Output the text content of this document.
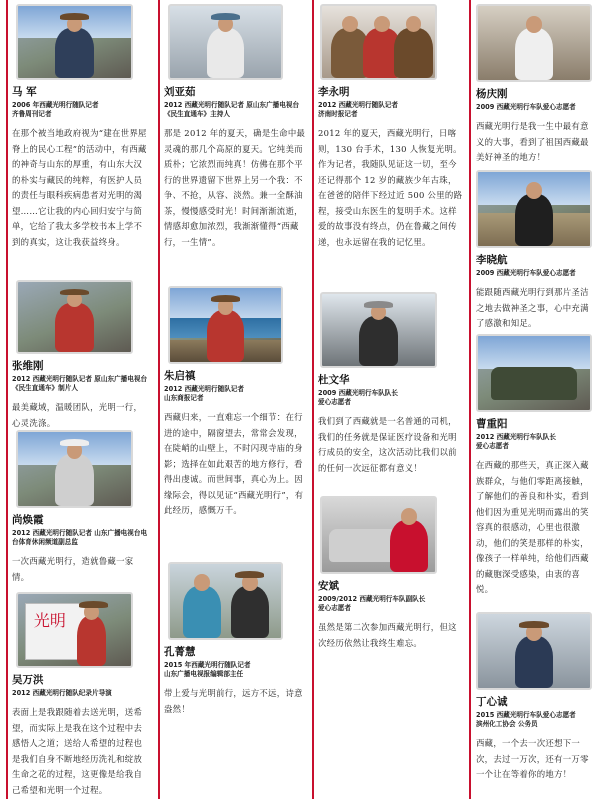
马 军
2006 年西藏光明行随队记者
齐鲁周刊记者
在那个被当地政府视为“建在世界屋脊上的民心工程”的活动中，有西藏的神奇与山东的厚重，有山东大汉的朴实与藏民的纯粹，有医护人员的责任与眼科疾病患者对光明的渴望……它让我的内心回归安宁与简单，它给了我太多学校书本上学不到的真实，这让我获益终身。
张维刚
2012 西藏光明行随队记者 原山东广播电视台《民生直通车》制片人
最美藏域，温暖团队，光明一行，心灵洗涤。
尚焕霞
2012 西藏光明行随队记者 山东广播电视台电台体育休闲频道副总监
一次西藏光明行，造就鲁藏一家情。
光明
吴万洪
2012 西藏光明行随队纪录片导演
表面上是我跟随着去送光明，送希望，而实际上是我在这个过程中去感悟人之道；送给人希望的过程也是我们自身不断地经历洗礼和绽放生命之花的过程，这更像是给我自己希望和光明一个过程。
刘亚茹
2012 西藏光明行随队记者 原山东广播电视台《民生直通车》主持人
那是 2012 年的夏天，确是生命中最灵魂的那几个高原的夏天。它纯美而质朴；它浓烈而纯真！仿佛在那个平行的世界遗留下世界上另一个我：不争、不抢，从容、淡然。兼一全酥油茶，慢慢感受时光！时间渐渐流逝，情感却愈加浓烈，我渐渐懂得“西藏行，一生情”。
朱启禛
2012 西藏光明行随队记者
山东商报记者
西藏归来，一直难忘一个细节：在行进的途中，隔窗望去，常常会发现，在陡峭的山壁上，不时闪现寺庙的身影；选择在如此艰苦的地方修行，看得出虔诚。而世间事，真心为上。因缘际会，得以见证“西藏光明行”，有此经历，感慨万千。
孔菁慧
2015 年西藏光明行随队记者
山东广播电视报编辑部主任
带上爱与光明前行，远方不远，诗意盎然！
李永明
2012 西藏光明行随队记者
济南时报记者
2012 年的夏天，西藏光明行，日喀则，130 台手术，130 人恢复光明。作为记者，我随队见证这一切，至今还记得那个 12 岁的藏族少年古珠，在爸爸的陪伴下经过近 500 公里的路程，接受山东医生的复明手术。这样爱的故事没有终点，仍在鲁藏之间传递，也永远留在我的记忆里。
杜文华
2009 西藏光明行车队队长
爱心志愿者
我们到了西藏就是一名普通的司机，我们的任务就是保证医疗设备和光明行成员的安全，这次活动比我们以前的任何一次远征都有意义！
安斌
2009/2012 西藏光明行车队副队长
爱心志愿者
虽然是第二次参加西藏光明行，但这次经历依然让我终生难忘。
杨庆刚
2009 西藏光明行车队爱心志愿者
西藏光明行是我一生中最有意义的大事，看到了祖国西藏最美好神圣的地方！
李晓航
2009 西藏光明行车队爱心志愿者
能跟随西藏光明行到那片圣洁之地去做神圣之事，心中充满了感激和知足。
曹重阳
2012 西藏光明行车队队长
爱心志愿者
在西藏的那些天，真正深入藏族群众，与他们零距离接触，了解他们的善良和朴实，看到他们因为重见光明而露出的笑容真的很感动，心里也很激动，他们的笑是那样的朴实，像孩子一样单纯，给他们西藏的藏胞深受感染，由衷的喜悦。
丁心诚
2015 西藏光明行车队爱心志愿者
滨州化工协会 公务员
西藏，一个去一次还想下一次，去过一万次，还有一万零一个让在等着你的地方！
